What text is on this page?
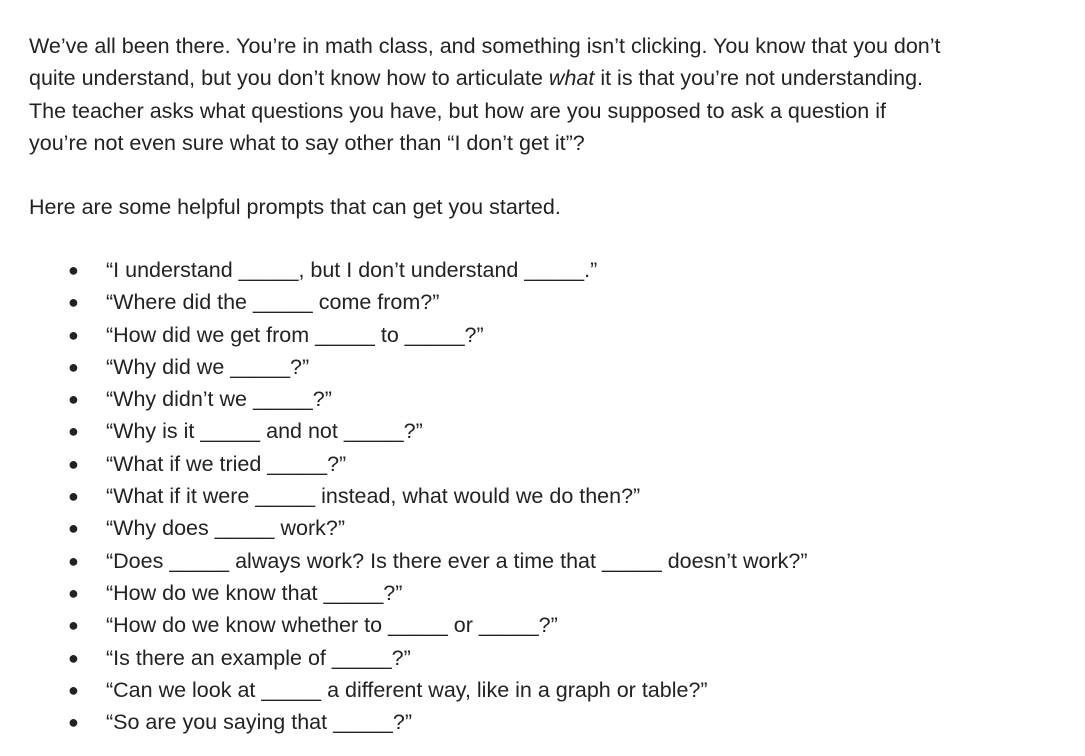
We’ve all been there. You’re in math class, and something isn’t clicking. You know that you don’t
quite understand, but you don’t know how to articulate what it is that you’re not understanding.
The teacher asks what questions you have, but how are you supposed to ask a question if
you’re not even sure what to say other than “I don’t get it”?

Here are some helpful prompts that can get you started.

● “I understand _____, but I don’t understand _____.”
● “Where did the _____ come from?”
● “How did we get from _____ to _____?”
● “Why did we _____?”
● “Why didn’t we _____?”
● “Why is it _____ and not _____?”
● “What if we tried _____?”
● “What if it were _____ instead, what would we do then?”
● “Why does _____ work?”
● “Does _____ always work? Is there ever a time that _____ doesn’t work?”
● “How do we know that _____?”
● “How do we know whether to _____ or _____?”
● “Is there an example of _____?”
● “Can we look at _____ a different way, like in a graph or table?”
● “So are you saying that _____?”
